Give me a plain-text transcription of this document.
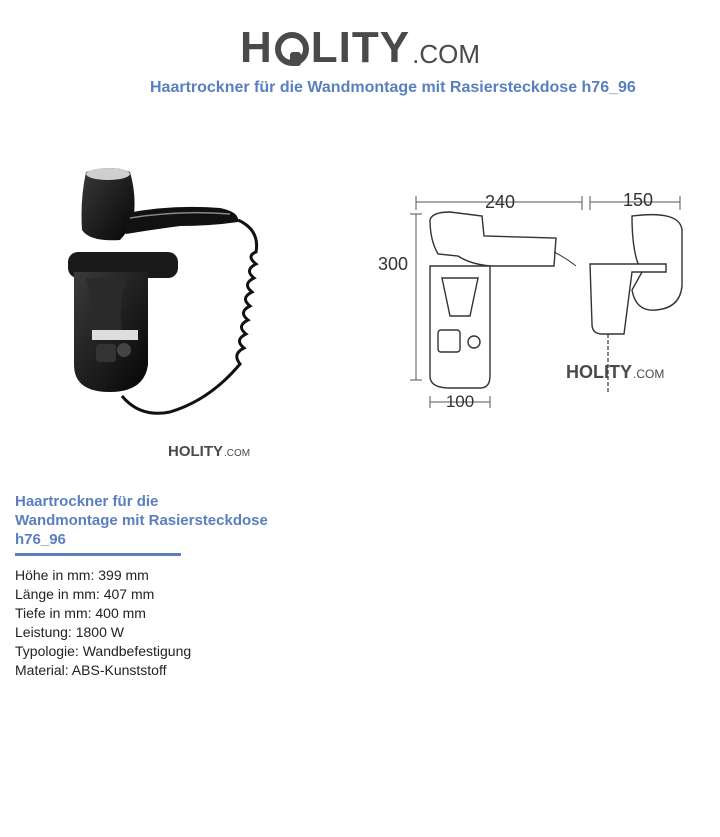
H LITY .COM
Haartrockner für die Wandmontage mit Rasiersteckdose h76_96
HOLITY .COM
240	150
300
100
HOLITY .COM
Haartrockner für die
Wandmontage mit Rasiersteckdose
h76_96
Höhe in mm: 399 mm
Länge in mm: 407 mm
Tiefe in mm: 400 mm
Leistung: 1800 W
Typologie: Wandbefestigung
Material: ABS-Kunststoff
